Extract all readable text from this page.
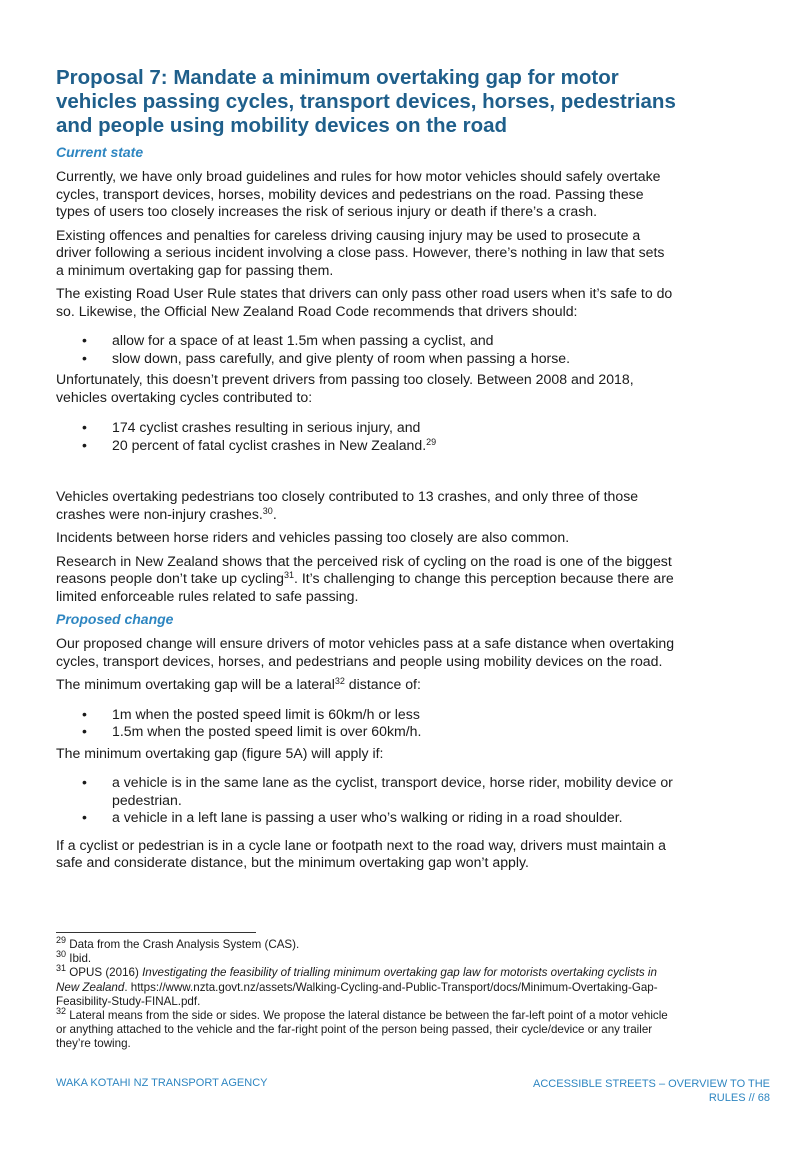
Proposal 7: Mandate a minimum overtaking gap for motor vehicles passing cycles, transport devices, horses, pedestrians and people using mobility devices on the road
Current state

Currently, we have only broad guidelines and rules for how motor vehicles should safely overtake cycles, transport devices, horses, mobility devices and pedestrians on the road. Passing these types of users too closely increases the risk of serious injury or death if there’s a crash.

Existing offences and penalties for careless driving causing injury may be used to prosecute a driver following a serious incident involving a close pass. However, there’s nothing in law that sets a minimum overtaking gap for passing them.

The existing Road User Rule states that drivers can only pass other road users when it’s safe to do so. Likewise, the Official New Zealand Road Code recommends that drivers should:

• allow for a space of at least 1.5m when passing a cyclist, and
• slow down, pass carefully, and give plenty of room when passing a horse.

Unfortunately, this doesn’t prevent drivers from passing too closely. Between 2008 and 2018, vehicles overtaking cycles contributed to:

• 174 cyclist crashes resulting in serious injury, and
• 20 percent of fatal cyclist crashes in New Zealand.$^{29}$

Vehicles overtaking pedestrians too closely contributed to 13 crashes, and only three of those crashes were non-injury crashes.$^{30}$.

Incidents between horse riders and vehicles passing too closely are also common.

Research in New Zealand shows that the perceived risk of cycling on the road is one of the biggest reasons people don’t take up cycling$^{31}$. It’s challenging to change this perception because there are limited enforceable rules related to safe passing.

Proposed change

Our proposed change will ensure drivers of motor vehicles pass at a safe distance when overtaking cycles, transport devices, horses, and pedestrians and people using mobility devices on the road.

The minimum overtaking gap will be a lateral$^{32}$ distance of:

• 1m when the posted speed limit is 60km/h or less
• 1.5m when the posted speed limit is over 60km/h.

The minimum overtaking gap (figure 5A) will apply if:

• a vehicle is in the same lane as the cyclist, transport device, horse rider, mobility device or pedestrian.
• a vehicle in a left lane is passing a user who’s walking or riding in a road shoulder.

If a cyclist or pedestrian is in a cycle lane or footpath next to the road way, drivers must maintain a safe and considerate distance, but the minimum overtaking gap won’t apply.

$^{29}$ Data from the Crash Analysis System (CAS).

$^{30}$ Ibid.

$^{31}$ OPUS (2016) Investigating the feasibility of trialling minimum overtaking gap law for motorists overtaking cyclists in New Zealand. https://www.nzta.govt.nz/assets/Walking-Cycling-and-Public-Transport/docs/Minimum-Overtaking-Gap-Feasibility-Study-FINAL.pdf.

$^{32}$ Lateral means from the side or sides. We propose the lateral distance be between the far-left point of a motor vehicle or anything attached to the vehicle and the far-right point of the person being passed, their cycle/device or any trailer they’re towing.

WAKA KOTAHI NZ TRANSPORT AGENCY	ACCESSIBLE STREETS – OVERVIEW TO THE
RULES // 68
